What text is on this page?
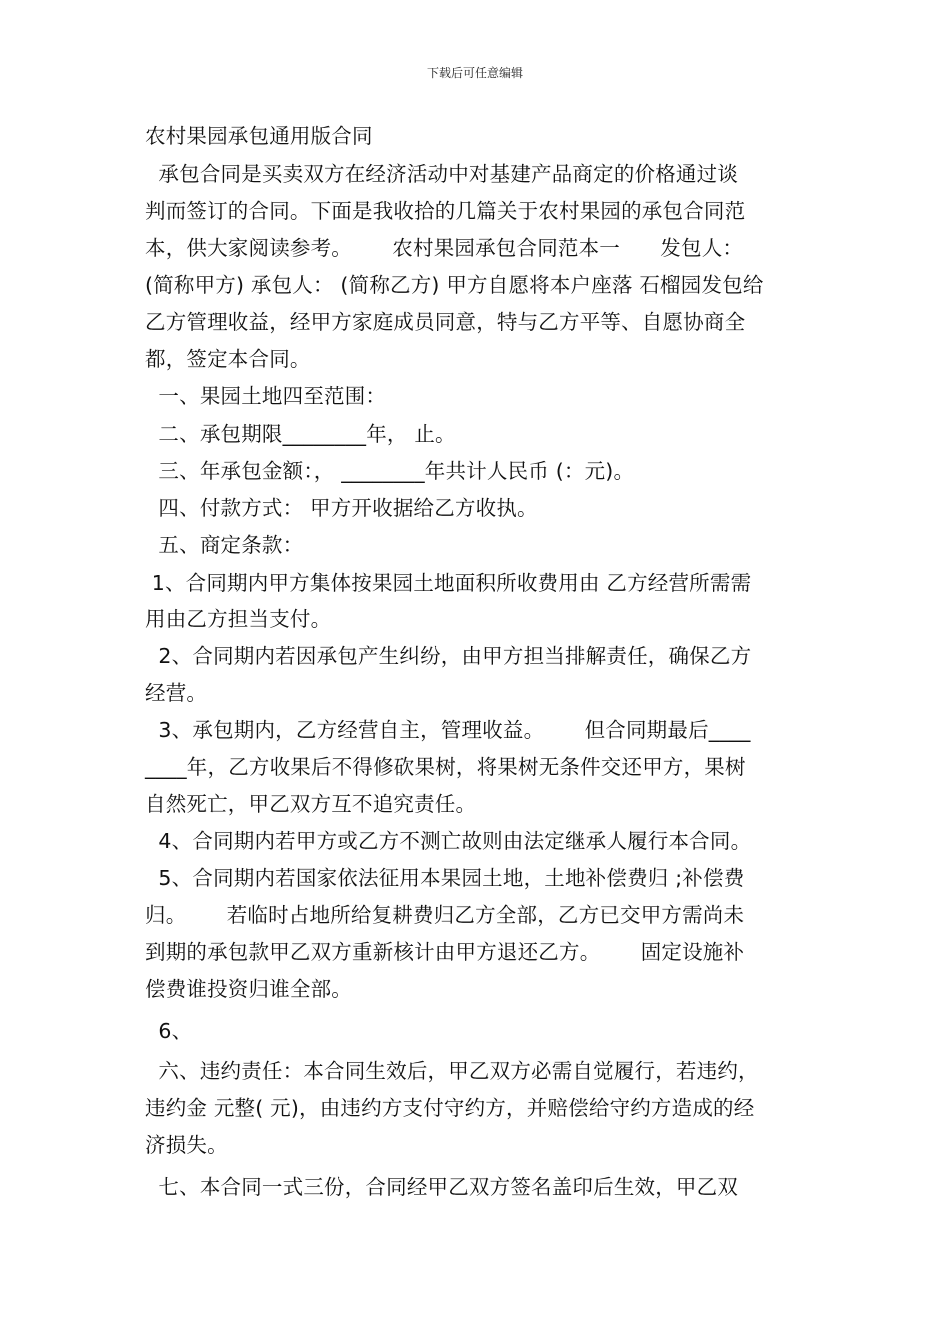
下载后可任意编辑
农村果园承包通用版合同
承包合同是买卖双方在经济活动中对基建产品商定的价格通过谈
判而签订的合同。下面是我收拾的几篇关于农村果园的承包合同范
本，供大家阅读参考。      农村果园承包合同范本一      发包人：
(简称甲方) 承包人： (简称乙方) 甲方自愿将本户座落 石榴园发包给
乙方管理收益，经甲方家庭成员同意，特与乙方平等、自愿协商全
都，签定本合同。
一、果园土地四至范围：
二、承包期限________年， 止。
三、年承包金额：， ________年共计人民币 (：元)。
四、付款方式： 甲方开收据给乙方收执。
五、商定条款：
1、合同期内甲方集体按果园土地面积所收费用由 乙方经营所需需
用由乙方担当支付。
2、合同期内若因承包产生纠纷，由甲方担当排解责任，确保乙方
经营。
3、承包期内，乙方经营自主，管理收益。      但合同期最后____
____年，乙方收果后不得修砍果树，将果树无条件交还甲方，果树
自然死亡，甲乙双方互不追究责任。
4、合同期内若甲方或乙方不测亡故则由法定继承人履行本合同。
5、合同期内若国家依法征用本果园土地，土地补偿费归 ;补偿费
归。      若临时占地所给复耕费归乙方全部，乙方已交甲方需尚未
到期的承包款甲乙双方重新核计由甲方退还乙方。      固定设施补
偿费谁投资归谁全部。
6、
六、违约责任：本合同生效后，甲乙双方必需自觉履行，若违约，
违约金 元整( 元)，由违约方支付守约方，并赔偿给守约方造成的经
济损失。
七、本合同一式三份，合同经甲乙双方签名盖印后生效，甲乙双
